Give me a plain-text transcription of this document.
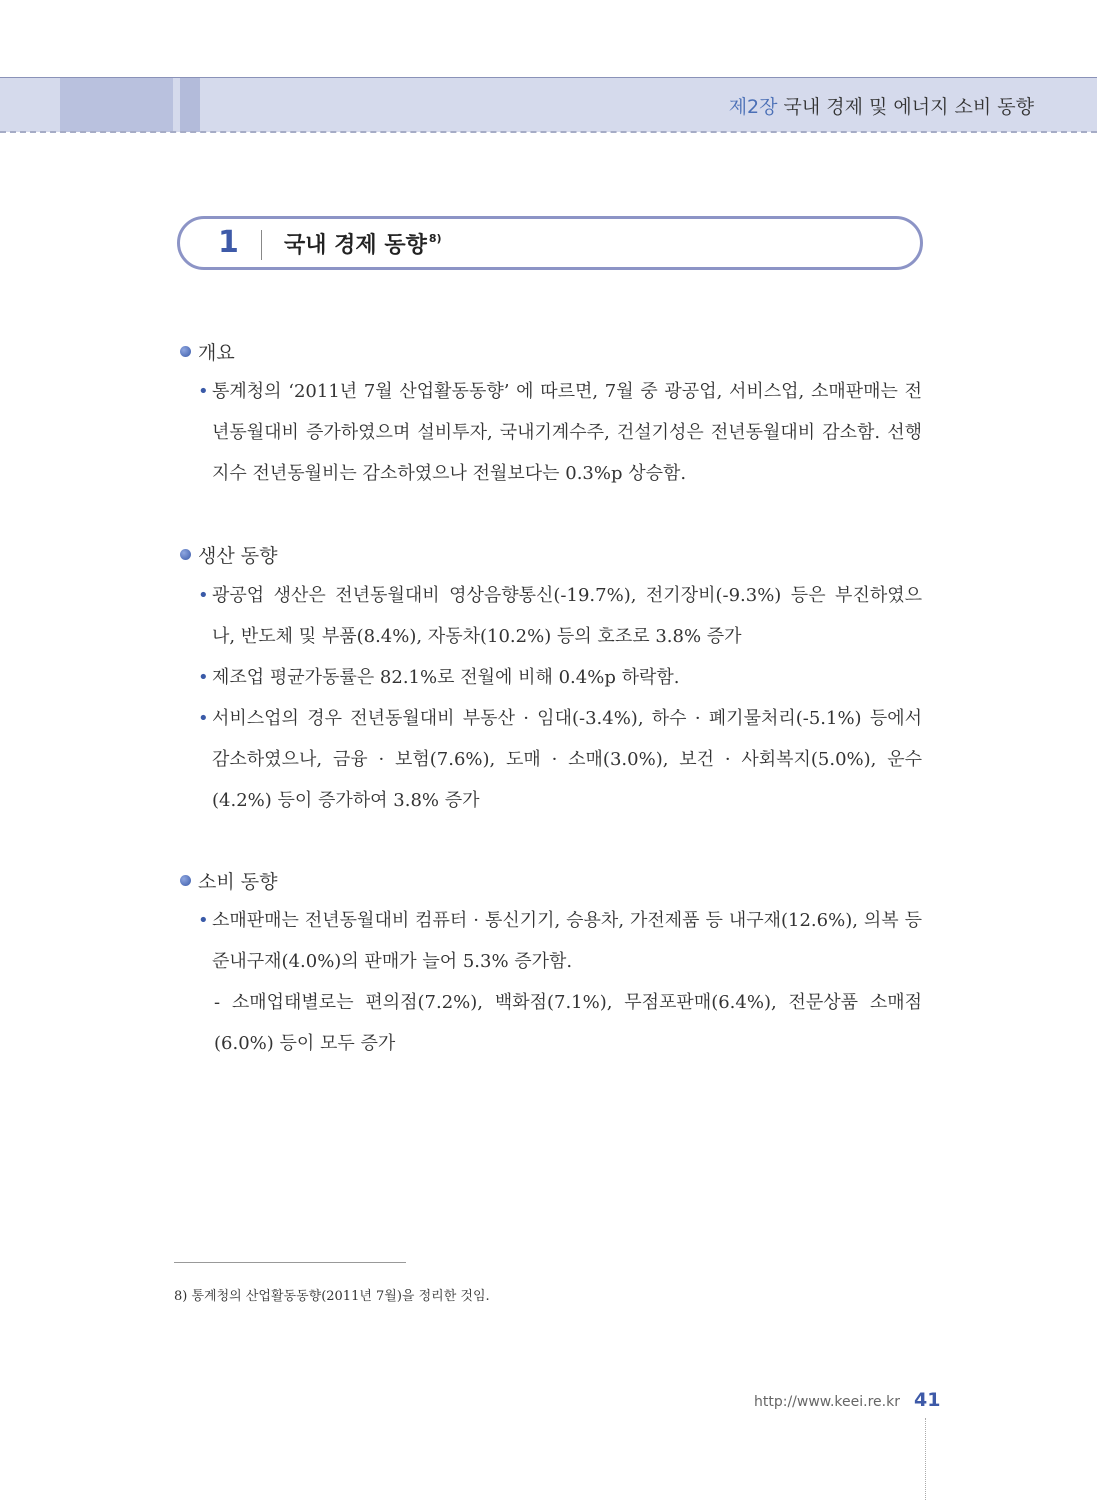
제2장 국내 경제 및 에너지 소비 동향
1 국내 경제 동향 $^{8)}$
개요
• 통계청의 ‘2011년 7월 산업활동동향’ 에 따르면, 7월 중 광공업, 서비스업, 소매판매는 전년동월대비 증가하였으며 설비투자, 국내기계수주, 건설기성은 전년동월대비 감소함. 선행지수 전년동월비는 감소하였으나 전월보다는 0.3%p 상승함.
생산 동향
• 광공업 생산은 전년동월대비 영상음향통신(-19.7%), 전기장비(-9.3%) 등은 부진하였으나, 반도체 및 부품(8.4%), 자동차(10.2%) 등의 호조로 3.8% 증가
• 제조업 평균가동률은 82.1%로 전월에 비해 0.4%p 하락함.
• 서비스업의 경우 전년동월대비 부동산 · 임대(-3.4%), 하수 · 폐기물처리(-5.1%) 등에서 감소하였으나, 금융 · 보험(7.6%), 도매 · 소매(3.0%), 보건 · 사회복지(5.0%), 운수(4.2%) 등이 증가하여 3.8% 증가
소비 동향
• 소매판매는 전년동월대비 컴퓨터 · 통신기기, 승용차, 가전제품 등 내구재(12.6%), 의복 등 준내구재(4.0%)의 판매가 늘어 5.3% 증가함.
- 소매업태별로는 편의점(7.2%), 백화점(7.1%), 무점포판매(6.4%), 전문상품 소매점 (6.0%) 등이 모두 증가
8) 통계청의 산업활동동향(2011년 7월)을 정리한 것임.
http://www.keei.re.kr 41
